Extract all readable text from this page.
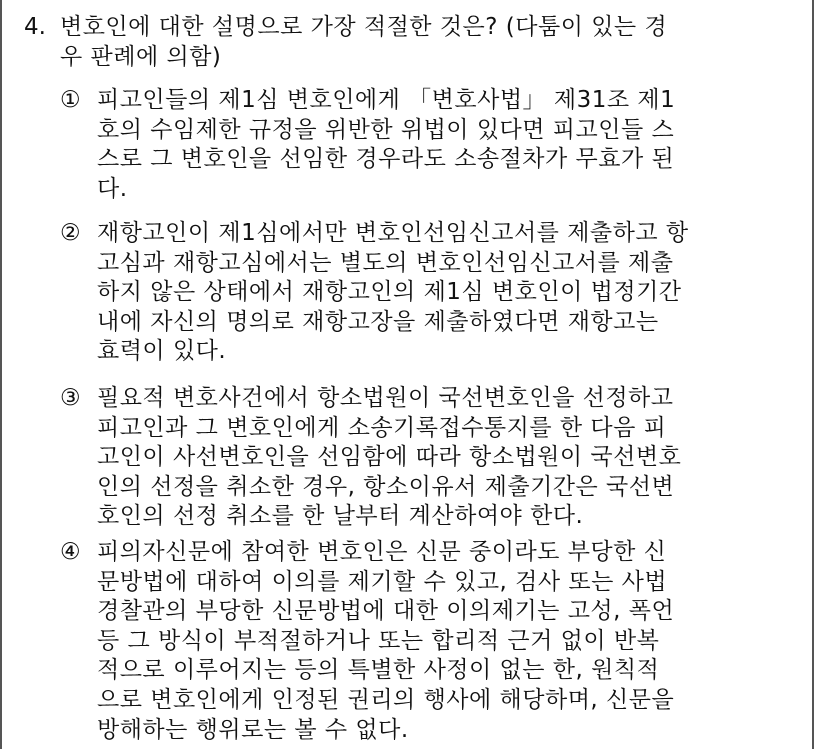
4. 변호인에 대한 설명으로 가장 적절한 것은? (다툼이 있는 경
우 판례에 의함)
① 피고인들의 제1심 변호인에게 「변호사법」 제31조 제1
호의 수임제한 규정을 위반한 위법이 있다면 피고인들 스
스로 그 변호인을 선임한 경우라도 소송절차가 무효가 된
다.
② 재항고인이 제1심에서만 변호인선임신고서를 제출하고 항
고심과 재항고심에서는 별도의 변호인선임신고서를 제출
하지 않은 상태에서 재항고인의 제1심 변호인이 법정기간
내에 자신의 명의로 재항고장을 제출하였다면 재항고는
효력이 있다.
③ 필요적 변호사건에서 항소법원이 국선변호인을 선정하고
피고인과 그 변호인에게 소송기록접수통지를 한 다음 피
고인이 사선변호인을 선임함에 따라 항소법원이 국선변호
인의 선정을 취소한 경우, 항소이유서 제출기간은 국선변
호인의 선정 취소를 한 날부터 계산하여야 한다.
④ 피의자신문에 참여한 변호인은 신문 중이라도 부당한 신
문방법에 대하여 이의를 제기할 수 있고, 검사 또는 사법
경찰관의 부당한 신문방법에 대한 이의제기는 고성, 폭언
등 그 방식이 부적절하거나 또는 합리적 근거 없이 반복
적으로 이루어지는 등의 특별한 사정이 없는 한, 원칙적
으로 변호인에게 인정된 권리의 행사에 해당하며, 신문을
방해하는 행위로는 볼 수 없다.
